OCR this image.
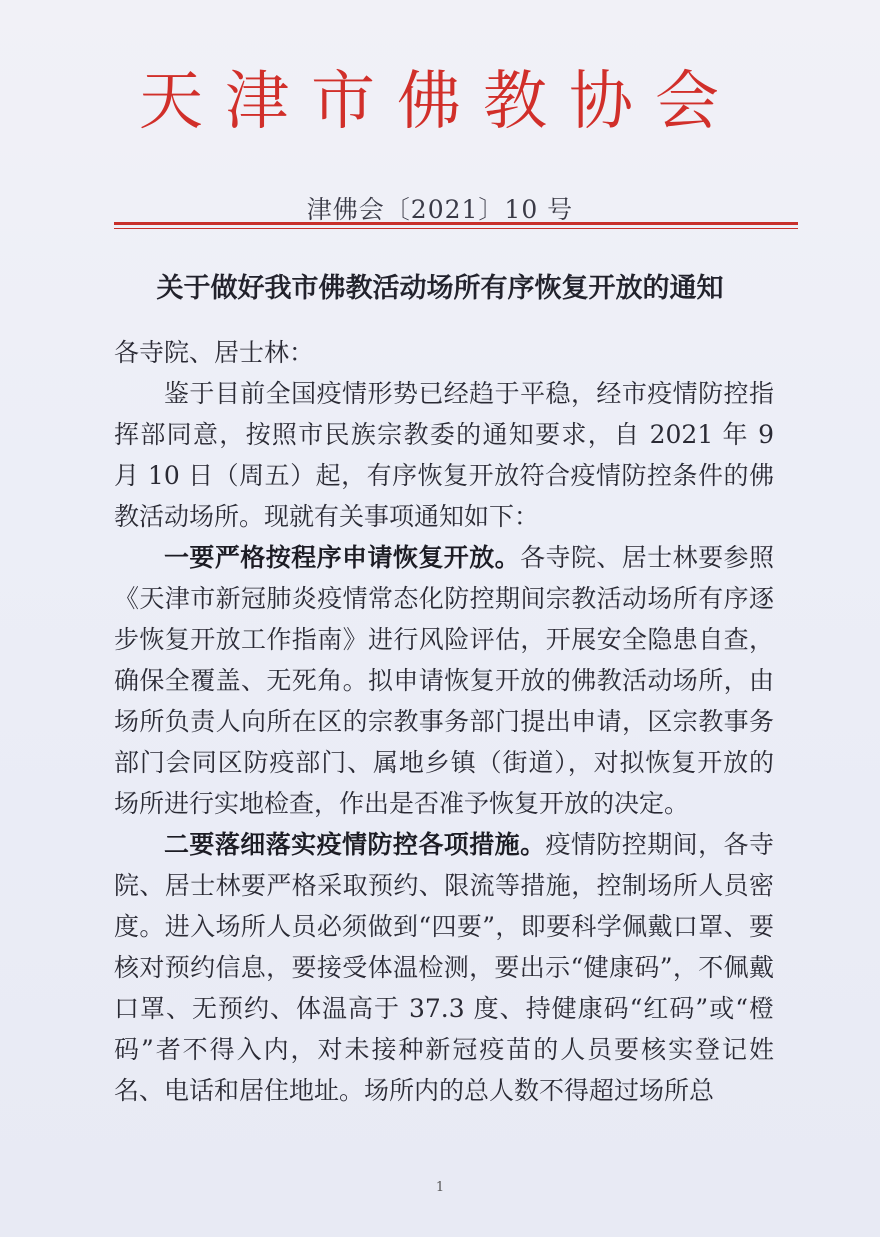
天津市佛教协会
津佛会〔2021〕10 号
关于做好我市佛教活动场所有序恢复开放的通知

各寺院、居士林：

鉴于目前全国疫情形势已经趋于平稳，经市疫情防控指挥部同意，按照市民族宗教委的通知要求，自 2021 年 9 月 10 日（周五）起，有序恢复开放符合疫情防控条件的佛教活动场所。现就有关事项通知如下：

一要严格按程序申请恢复开放。各寺院、居士林要参照《天津市新冠肺炎疫情常态化防控期间宗教活动场所有序逐步恢复开放工作指南》进行风险评估，开展安全隐患自查，确保全覆盖、无死角。拟申请恢复开放的佛教活动场所，由场所负责人向所在区的宗教事务部门提出申请，区宗教事务部门会同区防疫部门、属地乡镇（街道），对拟恢复开放的场所进行实地检查，作出是否准予恢复开放的决定。

二要落细落实疫情防控各项措施。疫情防控期间，各寺院、居士林要严格采取预约、限流等措施，控制场所人员密度。进入场所人员必须做到“四要”，即要科学佩戴口罩、要核对预约信息，要接受体温检测，要出示“健康码”，不佩戴口罩、无预约、体温高于 37.3 度、持健康码“红码”或“橙码”者不得入内，对未接种新冠疫苗的人员要核实登记姓名、电话和居住地址。场所内的总人数不得超过场所总

1
